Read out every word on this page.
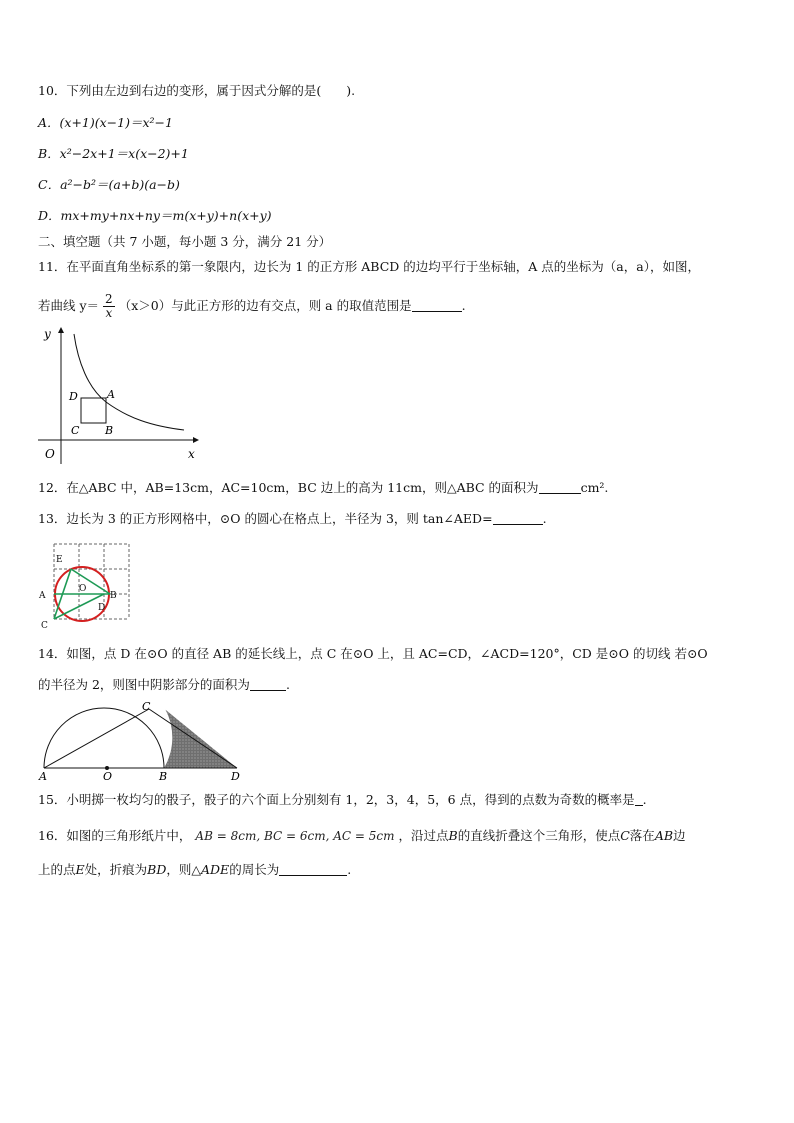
10．下列由左边到右边的变形，属于因式分解的是(　　).
A．(x+1)(x−1)＝x²−1
B．x²−2x+1＝x(x−2)+1
C．a²−b²＝(a+b)(a−b)
D．mx+my+nx+ny＝m(x+y)+n(x+y)
二、填空题（共 7 小题，每小题 3 分，满分 21 分）
11．在平面直角坐标系的第一象限内，边长为 1 的正方形 ABCD 的边均平行于坐标轴，A 点的坐标为（a，a），如图，
若曲线 $y= \frac{2}{x} (x>0)$与此正方形的边有交点，则 a 的取值范围是	.
y
x
O
A
B
C
D
12．在△ABC 中，AB=13cm，AC=10cm，BC 边上的高为 11cm，则△ABC 的面积为	cm².
13．边长为 3 的正方形网格中，⊙O 的圆心在格点上，半径为 3，则 tan∠AED=	.
E
O
A	B
C
D
14．如图，点 D 在⊙O 的直径 AB 的延长线上，点 C 在⊙O 上，且 AC=CD，∠ACD=120°，CD 是⊙O 的切线 若⊙O
的半径为 2，则图中阴影部分的面积为	.
A	O	B	D
C
15．小明掷一枚均匀的骰子，骰子的六个面上分别刻有 1，2，3，4，5，6 点，得到的点数为奇数的概率是 .
16．如图的三角形纸片中， AB = 8cm, BC = 6cm, AC = 5cm ，沿过点B的直线折叠这个三角形，使点C落在AB边
上的点E处，折痕为BD，则△ADE的周长为	.
